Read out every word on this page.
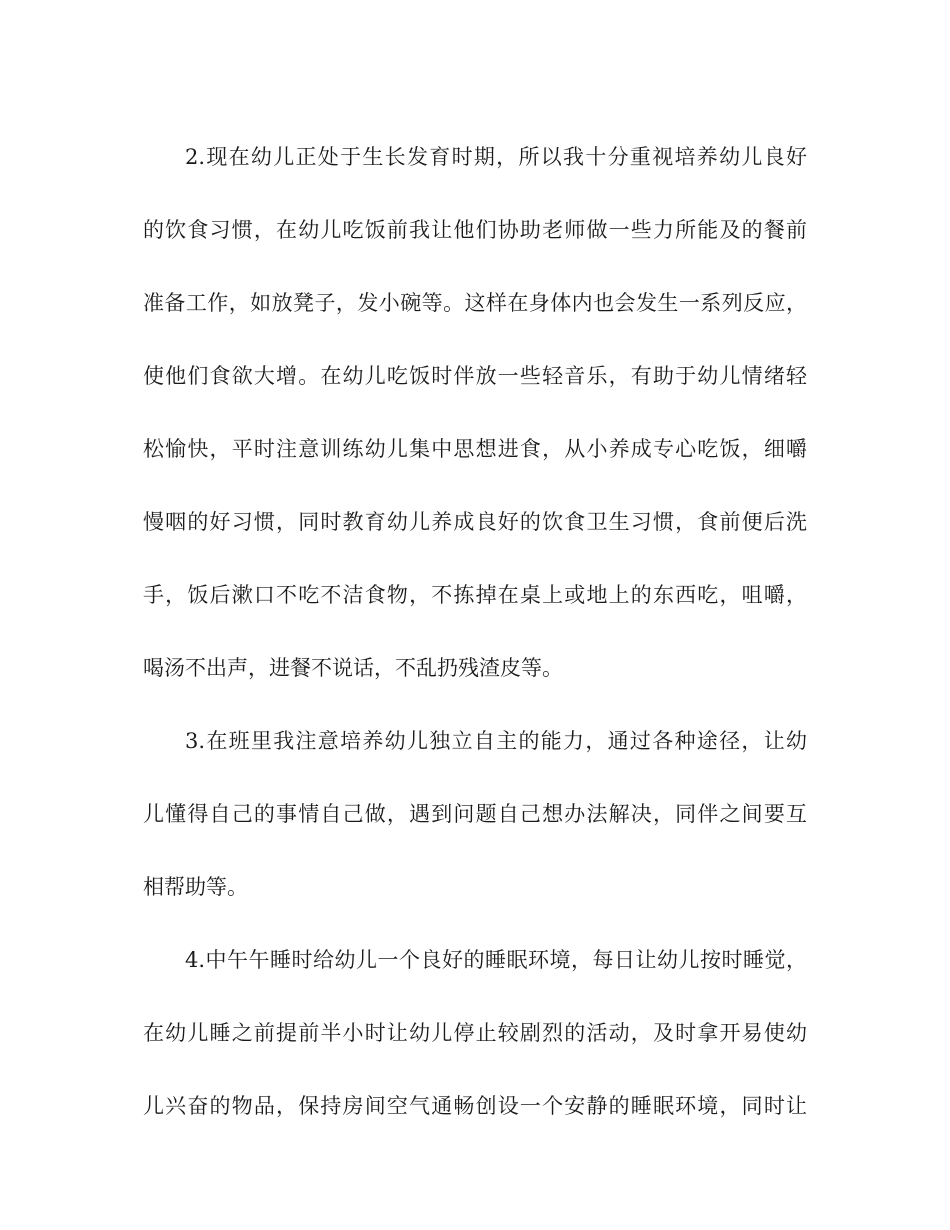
2.现在幼儿正处于生长发育时期，所以我十分重视培养幼儿良好
的饮食习惯，在幼儿吃饭前我让他们协助老师做一些力所能及的餐前
准备工作，如放凳子，发小碗等。这样在身体内也会发生一系列反应，
使他们食欲大增。在幼儿吃饭时伴放一些轻音乐，有助于幼儿情绪轻
松愉快，平时注意训练幼儿集中思想进食，从小养成专心吃饭，细嚼
慢咽的好习惯，同时教育幼儿养成良好的饮食卫生习惯，食前便后洗
手，饭后漱口不吃不洁食物，不拣掉在桌上或地上的东西吃，咀嚼，
喝汤不出声，进餐不说话，不乱扔残渣皮等。
3.在班里我注意培养幼儿独立自主的能力，通过各种途径，让幼
儿懂得自己的事情自己做，遇到问题自己想办法解决，同伴之间要互
相帮助等。
4.中午午睡时给幼儿一个良好的睡眠环境，每日让幼儿按时睡觉，
在幼儿睡之前提前半小时让幼儿停止较剧烈的活动，及时拿开易使幼
儿兴奋的物品，保持房间空气通畅创设一个安静的睡眠环境，同时让
